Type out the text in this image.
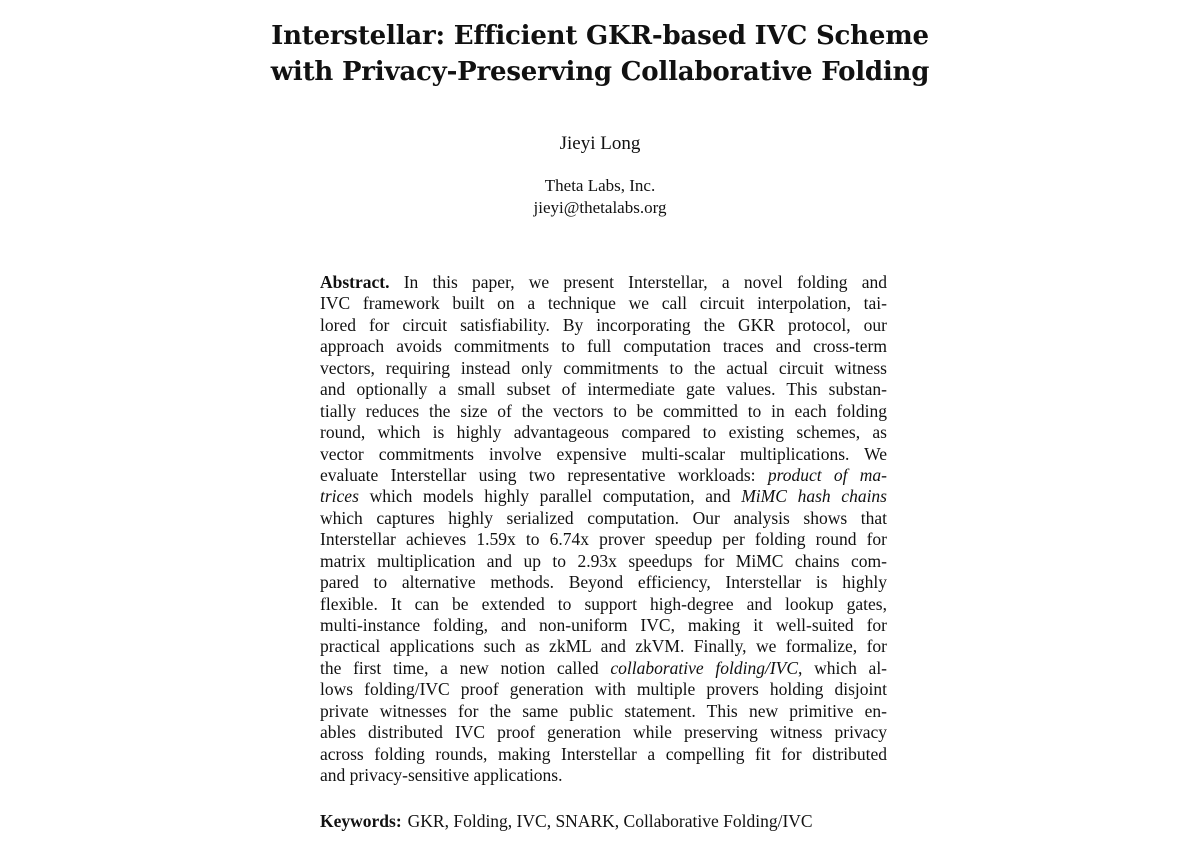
Interstellar: Efficient GKR-based IVC Scheme
with Privacy-Preserving Collaborative Folding
Jieyi Long
Theta Labs, Inc.
jieyi@thetalabs.org
Abstract. In this paper, we present Interstellar, a novel folding and
IVC framework built on a technique we call circuit interpolation, tai-
lored for circuit satisfiability. By incorporating the GKR protocol, our
approach avoids commitments to full computation traces and cross-term
vectors, requiring instead only commitments to the actual circuit witness
and optionally a small subset of intermediate gate values. This substan-
tially reduces the size of the vectors to be committed to in each folding
round, which is highly advantageous compared to existing schemes, as
vector commitments involve expensive multi-scalar multiplications. We
evaluate Interstellar using two representative workloads: product of ma-
trices which models highly parallel computation, and MiMC hash chains
which captures highly serialized computation. Our analysis shows that
Interstellar achieves 1.59x to 6.74x prover speedup per folding round for
matrix multiplication and up to 2.93x speedups for MiMC chains com-
pared to alternative methods. Beyond efficiency, Interstellar is highly
flexible. It can be extended to support high-degree and lookup gates,
multi-instance folding, and non-uniform IVC, making it well-suited for
practical applications such as zkML and zkVM. Finally, we formalize, for
the first time, a new notion called collaborative folding/IVC, which al-
lows folding/IVC proof generation with multiple provers holding disjoint
private witnesses for the same public statement. This new primitive en-
ables distributed IVC proof generation while preserving witness privacy
across folding rounds, making Interstellar a compelling fit for distributed
and privacy-sensitive applications.
Keywords: GKR, Folding, IVC, SNARK, Collaborative Folding/IVC
